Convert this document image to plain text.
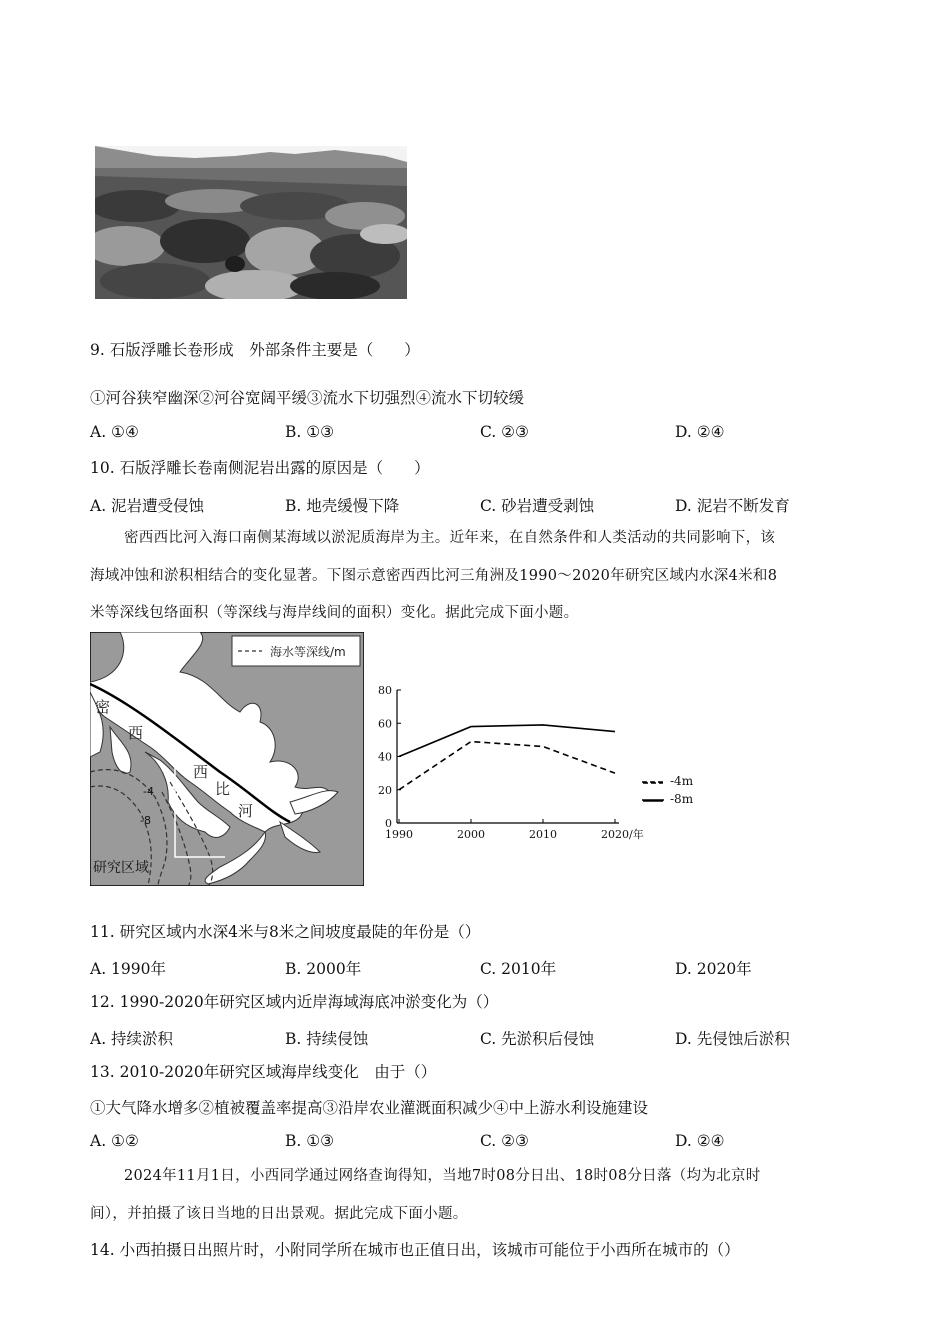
9. 石版浮雕长卷形成　外部条件主要是（　　）
①河谷狭窄幽深②河谷宽阔平缓③流水下切强烈④流水下切较缓
A. ①④	B. ①③	C. ②③	D. ②④
10. 石版浮雕长卷南侧泥岩出露的原因是（　　）
A. 泥岩遭受侵蚀	B. 地壳缓慢下降	C. 砂岩遭受剥蚀	D. 泥岩不断发育
密西西比河入海口南侧某海域以淤泥质海岸为主。近年来，在自然条件和人类活动的共同影响下，该
海域冲蚀和淤积相结合的变化显著。下图示意密西西比河三角洲及1990～2020年研究区域内水深4米和8
米等深线包络面积（等深线与海岸线间的面积）变化。据此完成下面小题。
海水等深线/m
密
西
西
比
河
-4
-8
研究区域
0
20
40
60
80
1990	2000	2010	2020 /年
11. 研究区域内水深4米与8米之间坡度最陡的年份是（）
A. 1990年	B. 2000年	C. 2010年	D. 2020年
12. 1990-2020年研究区域内近岸海域海底冲淤变化为（）
A. 持续淤积	B. 持续侵蚀	C. 先淤积后侵蚀	D. 先侵蚀后淤积
13. 2010-2020年研究区域海岸线变化　由于（）
①大气降水增多②植被覆盖率提高③沿岸农业灌溉面积减少④中上游水利设施建设
A. ①②	B. ①③	C. ②③	D. ②④
2024年11月1日，小西同学通过网络查询得知，当地7时08分日出、18时08分日落（均为北京时
间），并拍摄了该日当地的日出景观。据此完成下面小题。
14. 小西拍摄日出照片时，小附同学所在城市也正值日出，该城市可能位于小西所在城市的（）
-4m
-8m
